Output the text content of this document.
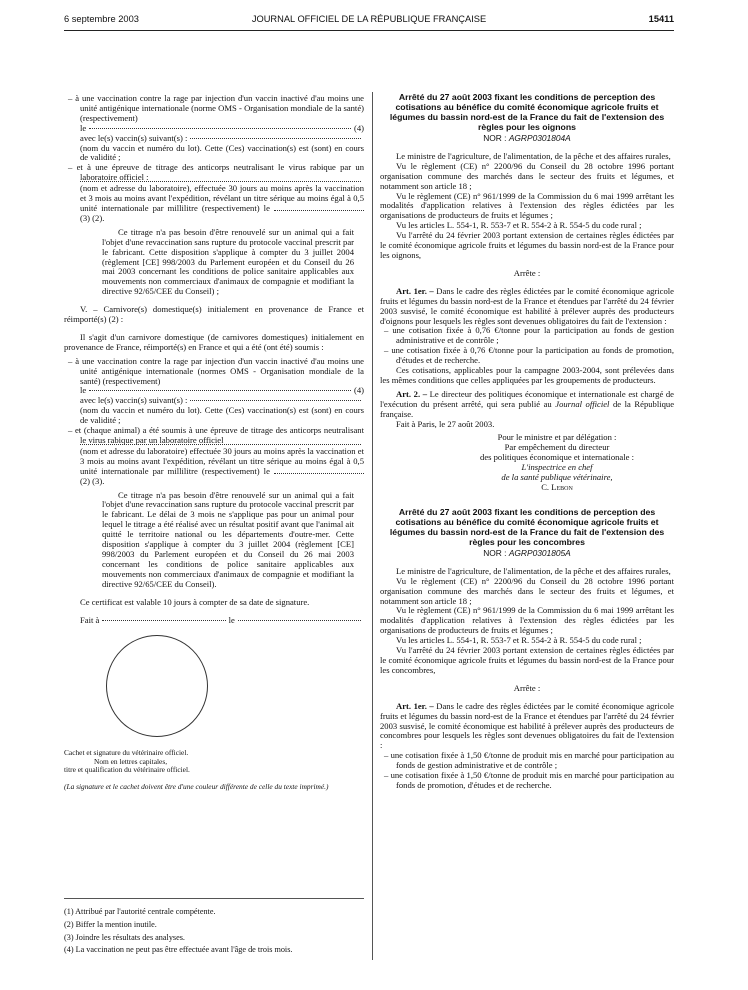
6 septembre 2003	JOURNAL OFFICIEL DE LA RÉPUBLIQUE FRANÇAISE	15411

– à une vaccination contre la rage par injection d'un vaccin inactivé d'au moins une unité antigénique internationale (norme OMS - Organisation mondiale de la santé) (respectivement)

le	(4)
avec le(s) vaccin(s) suivant(s) :

(nom du vaccin et numéro du lot). Cette (Ces) vaccination(s) est (sont) en cours de validité ;

– et à une épreuve de titrage des anticorps neutralisant le virus rabique par un laboratoire officiel :

(nom et adresse du laboratoire), effectuée 30 jours au moins après la vaccination et 3 mois au moins avant l'expédition, révélant un titre sérique au moins égal à 0,5 unité internationale par millilitre (respectivement) le  (3) (2).

Ce titrage n'a pas besoin d'être renouvelé sur un animal qui a fait l'objet d'une revaccination sans rupture du protocole vaccinal prescrit par le fabricant. Cette disposition s'applique à compter du 3 juillet 2004 (règlement [CE] 998/2003 du Parlement européen et du Conseil du 26 mai 2003 concernant les conditions de police sanitaire applicables aux mouvements non commerciaux d'animaux de compagnie et modifiant la directive 92/65/CEE du Conseil) ;

V. – Carnivore(s) domestique(s) initialement en provenance de France et réimporté(s) (2) :

Il s'agit d'un carnivore domestique (de carnivores domestiques) initialement en provenance de France, réimporté(s) en France et qui a été (ont été) soumis :

– à une vaccination contre la rage par injection d'un vaccin inactivé d'au moins une unité antigénique internationale (normes OMS - Organisation mondiale de la santé) (respectivement)

le	(4)
avec le(s) vaccin(s) suivant(s) :

(nom du vaccin et numéro du lot). Cette (Ces) vaccination(s) est (sont) en cours de validité ;

– et (chaque animal) a été soumis à une épreuve de titrage des anticorps neutralisant le virus rabique par un laboratoire officiel

(nom et adresse du laboratoire) effectuée 30 jours au moins après la vaccination et 3 mois au moins avant l'expédition, révélant un titre sérique au moins égal à 0,5 unité internationale par millilitre (respectivement) le  (2) (3).

Ce titrage n'a pas besoin d'être renouvelé sur un animal qui a fait l'objet d'une revaccination sans rupture du protocole vaccinal prescrit par le fabricant. Le délai de 3 mois ne s'applique pas pour un animal pour lequel le titrage a été réalisé avec un résultat positif avant que l'animal ait quitté le territoire national ou les départements d'outre-mer. Cette disposition s'applique à compter du 3 juillet 2004 (règlement [CE] 998/2003 du Parlement européen et du Conseil du 26 mai 2003 concernant les conditions de police sanitaire applicables aux mouvements non commerciaux d'animaux de compagnie et modifiant la directive 92/65/CEE du Conseil).

Ce certificat est valable 10 jours à compter de sa date de signature.

Fait à	le

Cachet et signature du vétérinaire officiel.

Nom en lettres capitales,

titre et qualification du vétérinaire officiel.

(La signature et le cachet doivent être d'une couleur différente de celle du texte imprimé.)

(1) Attribué par l'autorité centrale compétente.

(2) Biffer la mention inutile.

(3) Joindre les résultats des analyses.

(4) La vaccination ne peut pas être effectuée avant l'âge de trois mois.

Arrêté du 27 août 2003 fixant les conditions de perception des cotisations au bénéfice du comité économique agricole fruits et légumes du bassin nord-est de la France du fait de l'extension des règles pour les oignons

NOR : AGRP0301804A

Le ministre de l'agriculture, de l'alimentation, de la pêche et des affaires rurales,

Vu le règlement (CE) n° 2200/96 du Conseil du 28 octobre 1996 portant organisation commune des marchés dans le secteur des fruits et légumes, et notamment son article 18 ;

Vu le règlement (CE) n° 961/1999 de la Commission du 6 mai 1999 arrêtant les modalités d'application relatives à l'extension des règles édictées par les organisations de producteurs de fruits et légumes ;

Vu les articles L. 554-1, R. 553-7 et R. 554-2 à R. 554-5 du code rural ;

Vu l'arrêté du 24 février 2003 portant extension de certaines règles édictées par le comité économique agricole fruits et légumes du bassin nord-est de la France pour les oignons,

Arrête :

Art. 1er. – Dans le cadre des règles édictées par le comité économique agricole fruits et légumes du bassin nord-est de la France et étendues par l'arrêté du 24 février 2003 susvisé, le comité économique est habilité à prélever auprès des producteurs d'oignons pour lesquels les règles sont devenues obligatoires du fait de l'extension :

– une cotisation fixée à 0,76 €/tonne pour la participation au fonds de gestion administrative et de contrôle ;

– une cotisation fixée à 0,76 €/tonne pour la participation au fonds de promotion, d'études et de recherche.

Ces cotisations, applicables pour la campagne 2003-2004, sont prélevées dans les mêmes conditions que celles appliquées par les groupements de producteurs.

Art. 2. – Le directeur des politiques économique et internationale est chargé de l'exécution du présent arrêté, qui sera publié au Journal officiel de la République française.

Fait à Paris, le 27 août 2003.

Pour le ministre et par délégation :

Par empêchement du directeur

des politiques économique et internationale :

L'inspectrice en chef

de la santé publique vétérinaire,

C. Lebon

Arrêté du 27 août 2003 fixant les conditions de perception des cotisations au bénéfice du comité économique agricole fruits et légumes du bassin nord-est de la France du fait de l'extension des règles pour les concombres

NOR : AGRP0301805A

Le ministre de l'agriculture, de l'alimentation, de la pêche et des affaires rurales,

Vu le règlement (CE) n° 2200/96 du Conseil du 28 octobre 1996 portant organisation commune des marchés dans le secteur des fruits et légumes, et notamment son article 18 ;

Vu le règlement (CE) n° 961/1999 de la Commission du 6 mai 1999 arrêtant les modalités d'application relatives à l'extension des règles édictées par les organisations de producteurs de fruits et légumes ;

Vu les articles L. 554-1, R. 553-7 et R. 554-2 à R. 554-5 du code rural ;

Vu l'arrêté du 24 février 2003 portant extension de certaines règles édictées par le comité économique agricole fruits et légumes du bassin nord-est de la France pour les concombres,

Arrête :

Art. 1er. – Dans le cadre des règles édictées par le comité économique agricole fruits et légumes du bassin nord-est de la France et étendues par l'arrêté du 24 février 2003 susvisé, le comité économique est habilité à prélever auprès des producteurs de concombres pour lesquels les règles sont devenues obligatoires du fait de l'extension :

– une cotisation fixée à 1,50 €/tonne de produit mis en marché pour participation au fonds de gestion administrative et de contrôle ;

– une cotisation fixée à 1,50 €/tonne de produit mis en marché pour participation au fonds de promotion, d'études et de recherche.
